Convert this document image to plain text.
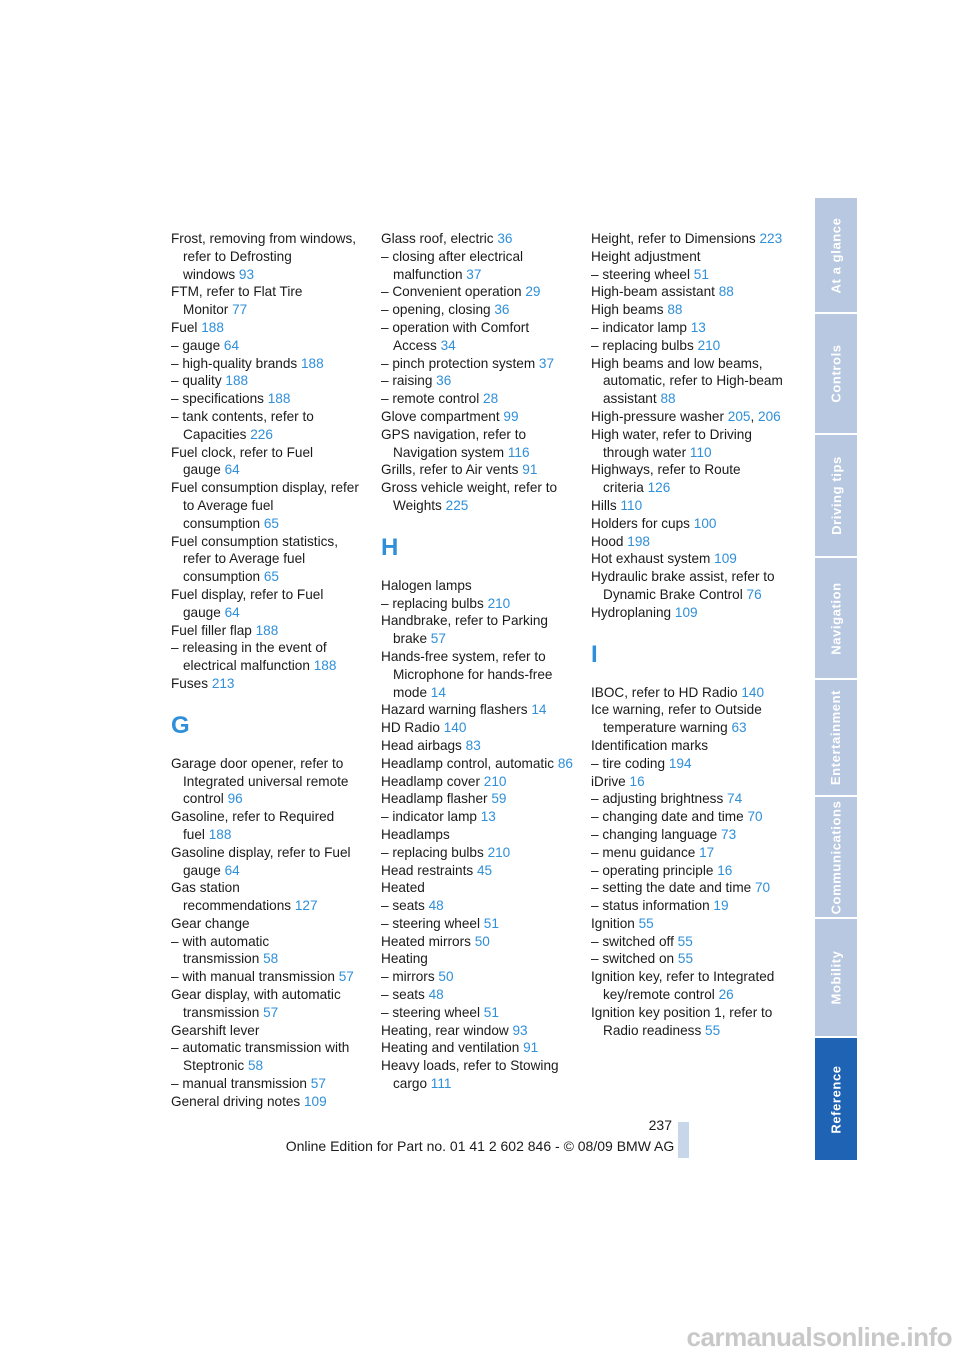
Frost, removing from windows, refer to Defrosting windows 93
FTM, refer to Flat Tire Monitor 77
Fuel 188
– gauge 64
– high-quality brands 188
– quality 188
– specifications 188
– tank contents, refer to Capacities 226
Fuel clock, refer to Fuel gauge 64
Fuel consumption display, refer to Average fuel consumption 65
Fuel consumption statistics, refer to Average fuel consumption 65
Fuel display, refer to Fuel gauge 64
Fuel filler flap 188
– releasing in the event of electrical malfunction 188
Fuses 213
G
Garage door opener, refer to Integrated universal remote control 96
Gasoline, refer to Required fuel 188
Gasoline display, refer to Fuel gauge 64
Gas station recommendations 127
Gear change
– with automatic transmission 58
– with manual transmission 57
Gear display, with automatic transmission 57
Gearshift lever
– automatic transmission with Steptronic 58
– manual transmission 57
General driving notes 109
Glass roof, electric 36
– closing after electrical malfunction 37
– Convenient operation 29
– opening, closing 36
– operation with Comfort Access 34
– pinch protection system 37
– raising 36
– remote control 28
Glove compartment 99
GPS navigation, refer to Navigation system 116
Grills, refer to Air vents 91
Gross vehicle weight, refer to Weights 225
H
Halogen lamps
– replacing bulbs 210
Handbrake, refer to Parking brake 57
Hands-free system, refer to Microphone for hands-free mode 14
Hazard warning flashers 14
HD Radio 140
Head airbags 83
Headlamp control, automatic 86
Headlamp cover 210
Headlamp flasher 59
– indicator lamp 13
Headlamps
– replacing bulbs 210
Head restraints 45
Heated
– seats 48
– steering wheel 51
Heated mirrors 50
Heating
– mirrors 50
– seats 48
– steering wheel 51
Heating, rear window 93
Heating and ventilation 91
Heavy loads, refer to Stowing cargo 111
Height, refer to Dimensions 223
Height adjustment
– steering wheel 51
High-beam assistant 88
High beams 88
– indicator lamp 13
– replacing bulbs 210
High beams and low beams, automatic, refer to High-beam assistant 88
High-pressure washer 205, 206
High water, refer to Driving through water 110
Highways, refer to Route criteria 126
Hills 110
Holders for cups 100
Hood 198
Hot exhaust system 109
Hydraulic brake assist, refer to Dynamic Brake Control 76
Hydroplaning 109
I
IBOC, refer to HD Radio 140
Ice warning, refer to Outside temperature warning 63
Identification marks
– tire coding 194
iDrive 16
– adjusting brightness 74
– changing date and time 70
– changing language 73
– menu guidance 17
– operating principle 16
– setting the date and time 70
– status information 19
Ignition 55
– switched off 55
– switched on 55
Ignition key, refer to Integrated key/remote control 26
Ignition key position 1, refer to Radio readiness 55
At a glance
Controls
Driving tips
Navigation
Entertainment
Communications
Mobility
Reference
237
Online Edition for Part no. 01 41 2 602 846 - © 08/09 BMW AG
carmanualsonline.info
